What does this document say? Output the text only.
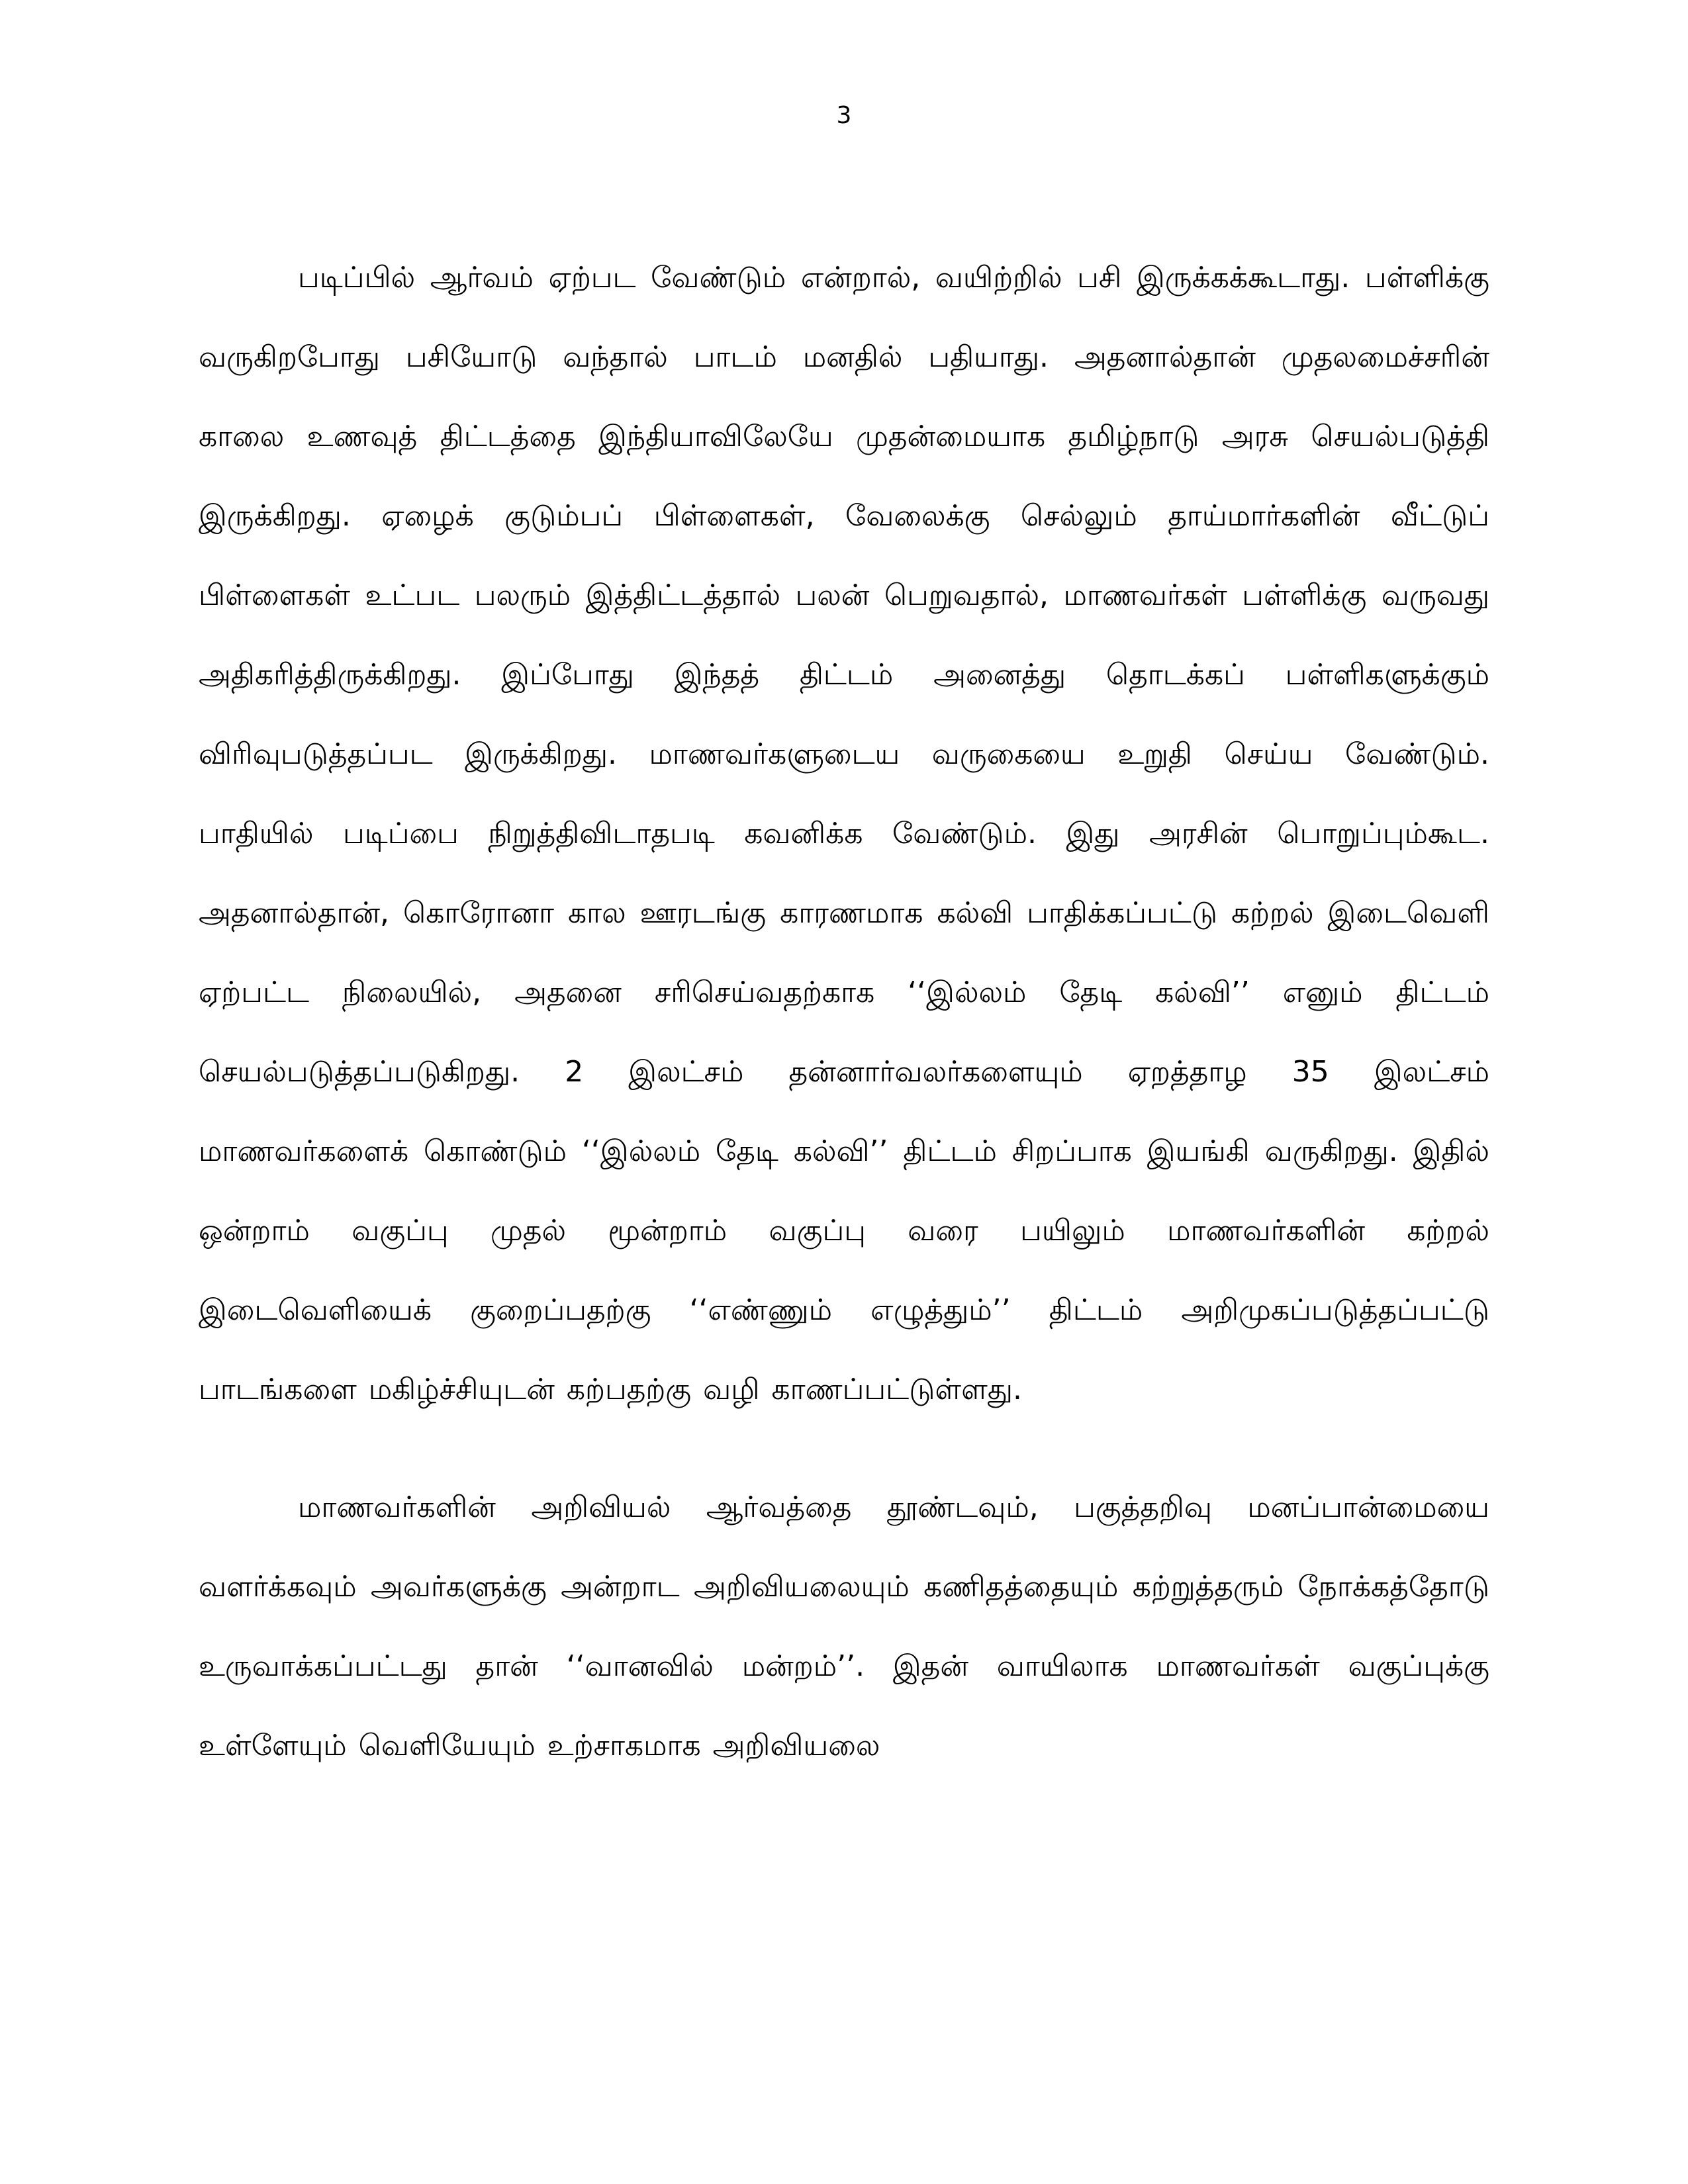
3

படிப்பில் ஆர்வம் ஏற்பட வேண்டும் என்றால், வயிற்றில் பசி இருக்கக்கூடாது. பள்ளிக்கு வருகிறபோது பசியோடு வந்தால் பாடம் மனதில் பதியாது. அதனால்தான் முதலமைச்சரின் காலை உணவுத் திட்டத்தை இந்தியாவிலேயே முதன்மையாக தமிழ்நாடு அரசு செயல்படுத்தி இருக்கிறது. ஏழைக் குடும்பப் பிள்ளைகள், வேலைக்கு செல்லும் தாய்மார்களின் வீட்டுப் பிள்ளைகள் உட்பட பலரும் இத்திட்டத்தால் பலன் பெறுவதால், மாணவர்கள் பள்ளிக்கு வருவது அதிகரித்திருக்கிறது. இப்போது இந்தத் திட்டம் அனைத்து தொடக்கப் பள்ளிகளுக்கும் விரிவுபடுத்தப்பட இருக்கிறது. மாணவர்களுடைய வருகையை உறுதி செய்ய வேண்டும். பாதியில் படிப்பை நிறுத்திவிடாதபடி கவனிக்க வேண்டும். இது அரசின் பொறுப்பும்கூட. அதனால்தான், கொரோனா கால ஊரடங்கு காரணமாக கல்வி பாதிக்கப்பட்டு கற்றல் இடைவெளி ஏற்பட்ட நிலையில், அதனை சரிசெய்வதற்காக ‘‘இல்லம் தேடி கல்வி’’ எனும் திட்டம் செயல்படுத்தப்படுகிறது. 2 இலட்சம் தன்னார்வலர்களையும் ஏறத்தாழ 35 இலட்சம் மாணவர்களைக் கொண்டும் ‘‘இல்லம் தேடி கல்வி’’ திட்டம் சிறப்பாக இயங்கி வருகிறது. இதில் ஒன்றாம் வகுப்பு முதல் மூன்றாம் வகுப்பு வரை பயிலும் மாணவர்களின் கற்றல் இடைவெளியைக் குறைப்பதற்கு ‘‘எண்ணும் எழுத்தும்’’ திட்டம் அறிமுகப்படுத்தப்பட்டு பாடங்களை மகிழ்ச்சியுடன் கற்பதற்கு வழி காணப்பட்டுள்ளது.

மாணவர்களின் அறிவியல் ஆர்வத்தை தூண்டவும், பகுத்தறிவு மனப்பான்மையை வளர்க்கவும் அவர்களுக்கு அன்றாட அறிவியலையும் கணிதத்தையும் கற்றுத்தரும் நோக்கத்தோடு உருவாக்கப்பட்டது தான் ‘‘வானவில் மன்றம்’’. இதன் வாயிலாக மாணவர்கள் வகுப்புக்கு உள்ளேயும் வெளியேயும் உற்சாகமாக அறிவியலை
